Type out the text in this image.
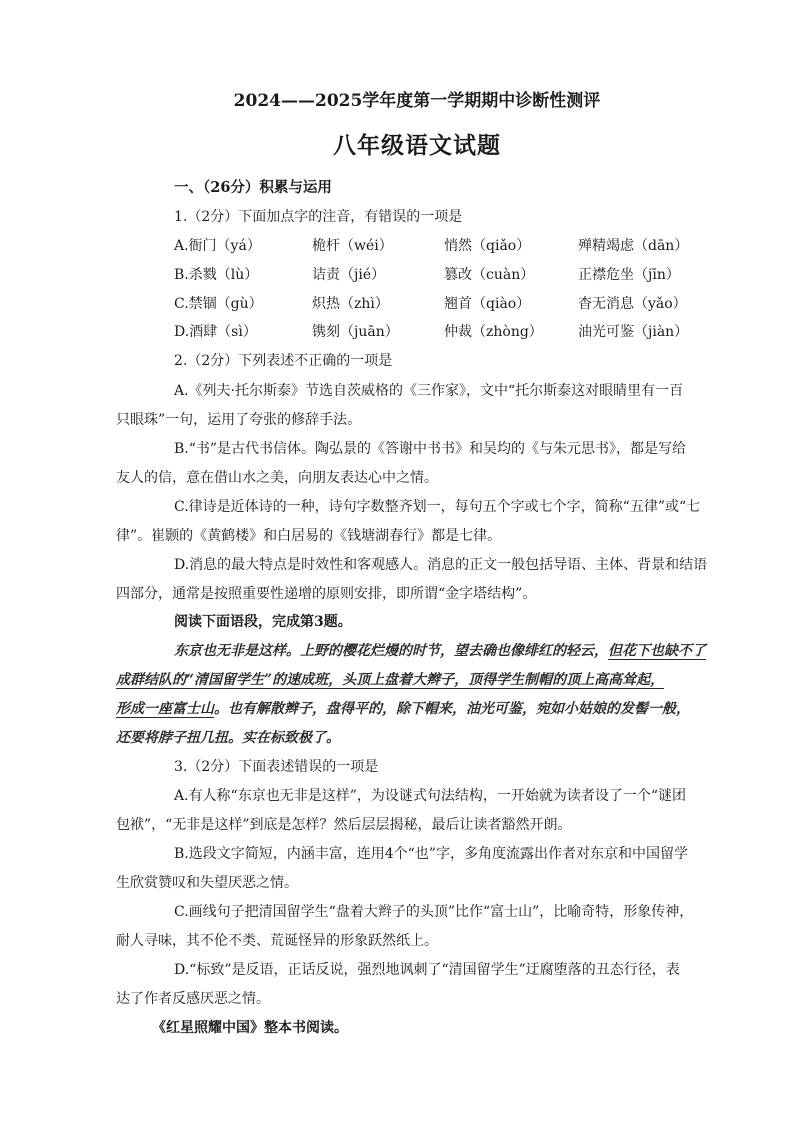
2024——2025学年度第一学期期中诊断性测评
八年级语文试题
一、（26分）积累与运用
1.（2分）下面加点字的注音，有错误的一项是
A.衙门（yá）	桅杆（wéi）	悄然（qiǎo）	殚精竭虑（dān）
B.杀戮（lù）	诘责（jié）	篡改（cuàn）	正襟危坐（jīn）
C.禁锢（gù）	炽热（zhì）	翘首（qiào）	杳无消息（yǎo）
D.酒肆（sì）	镌刻（juān）	仲裁（zhòng）	油光可鉴（jiàn）
2.（2分）下列表述不正确的一项是
A.《列夫·托尔斯泰》节选自茨威格的《三作家》，文中“托尔斯泰这对眼睛里有一百
只眼珠”一句，运用了夸张的修辞手法。
B.“书”是古代书信体。陶弘景的《答谢中书书》和吴均的《与朱元思书》，都是写给
友人的信，意在借山水之美，向朋友表达心中之情。
C.律诗是近体诗的一种，诗句字数整齐划一，每句五个字或七个字，简称“五律”或“七
律”。崔颢的《黄鹤楼》和白居易的《钱塘湖春行》都是七律。
D.消息的最大特点是时效性和客观感人。消息的正文一般包括导语、主体、背景和结语
四部分，通常是按照重要性递增的原则安排，即所谓“金字塔结构”。
阅读下面语段，完成第3题。
东京也无非是这样。上野的樱花烂熳的时节，望去确也像绯红的轻云，但花下也缺不了
成群结队的“清国留学生”的速成班，头顶上盘着大辫子，顶得学生制帽的顶上高高耸起，
形成一座富士山。也有解散辫子，盘得平的，除下帽来，油光可鉴，宛如小姑娘的发髻一般，
还要将脖子扭几扭。实在标致极了。
3.（2分）下面表述错误的一项是
A.有人称“东京也无非是这样”，为设谜式句法结构，一开始就为读者设了一个“谜团
包袱”，“无非是这样”到底是怎样？然后层层揭秘，最后让读者豁然开朗。
B.选段文字简短，内涵丰富，连用4个“也”字，多角度流露出作者对东京和中国留学
生欣赏赞叹和失望厌恶之情。
C.画线句子把清国留学生“盘着大辫子的头顶”比作“富士山”，比喻奇特，形象传神，
耐人寻味，其不伦不类、荒诞怪异的形象跃然纸上。
D.“标致”是反语，正话反说，强烈地讽刺了“清国留学生”迂腐堕落的丑态行径，表
达了作者反感厌恶之情。
《红星照耀中国》整本书阅读。
